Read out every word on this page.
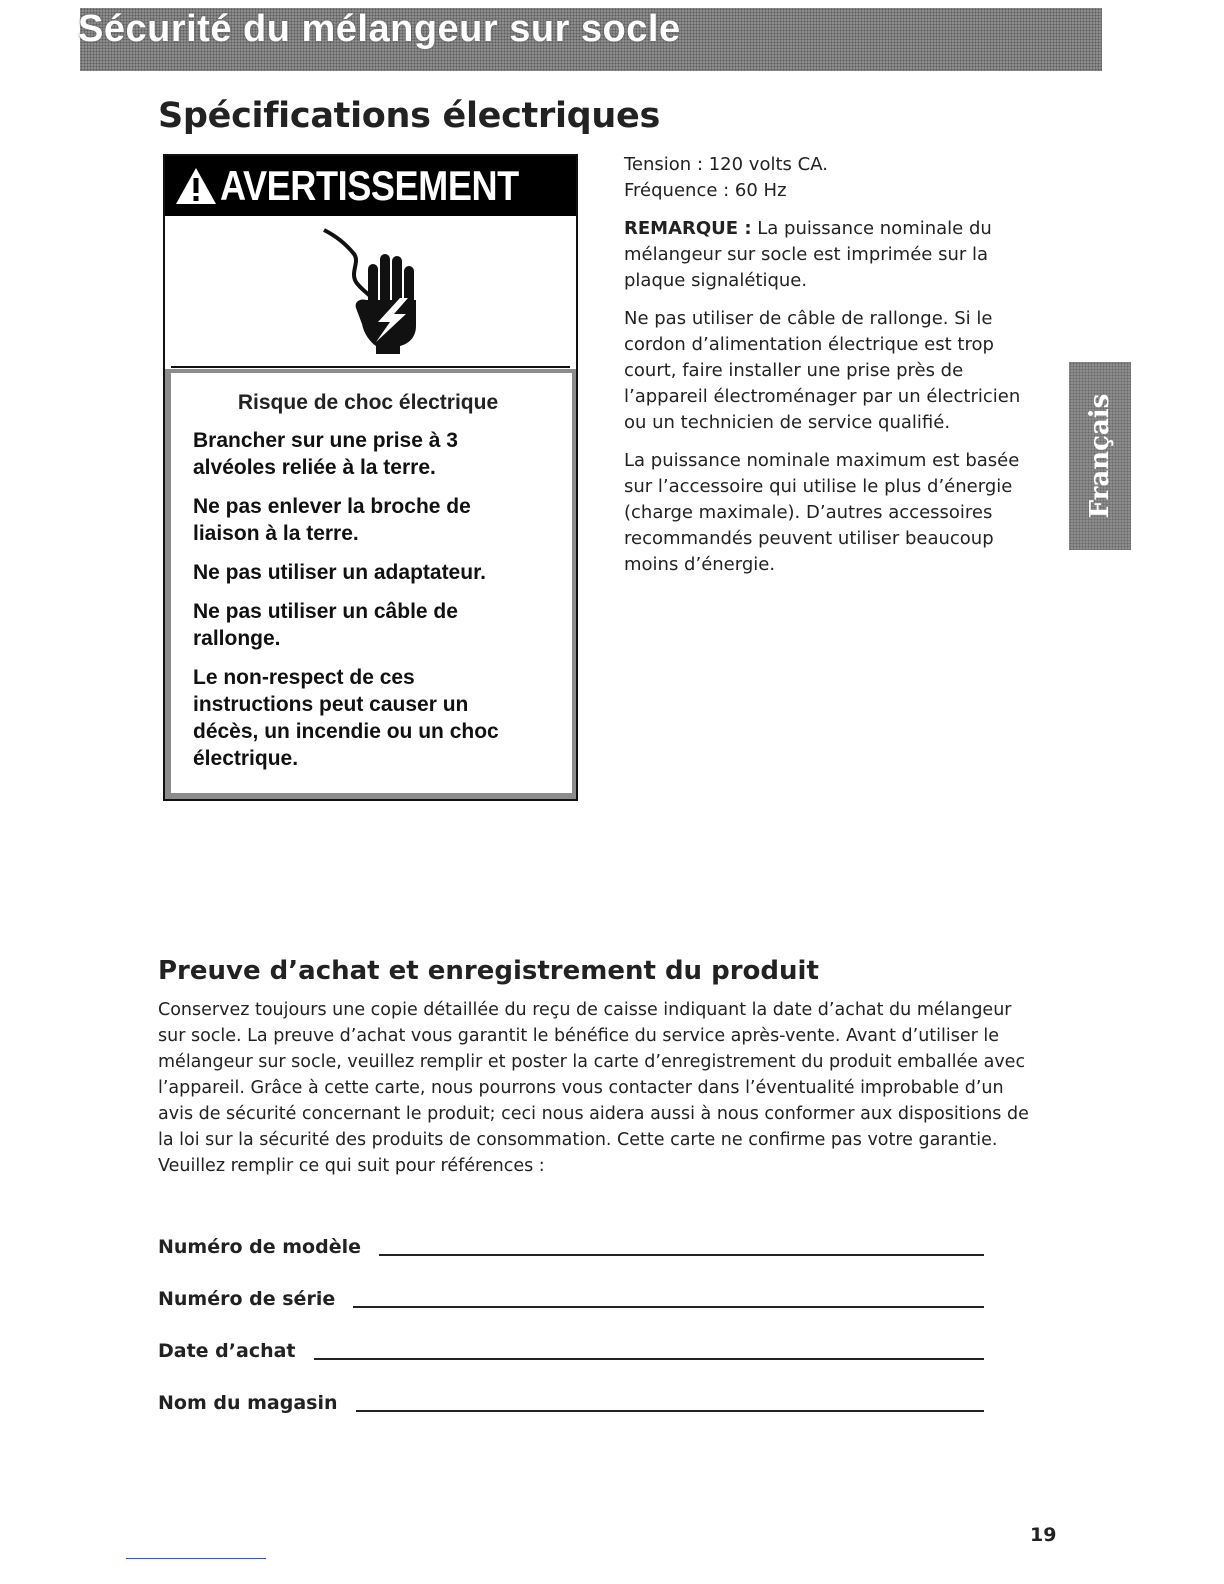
Sécurité du mélangeur sur socle
Spécifications électriques
AVERTISSEMENT

Risque de choc électrique

Brancher sur une prise à 3 alvéoles reliée à la terre.

Ne pas enlever la broche de liaison à la terre.

Ne pas utiliser un adaptateur.

Ne pas utiliser un câble de rallonge.

Le non-respect de ces instructions peut causer un décès, un incendie ou un choc électrique.

Tension : 120 volts CA.
Fréquence : 60 Hz

REMARQUE : La puissance nominale du mélangeur sur socle est imprimée sur la plaque signalétique.

Ne pas utiliser de câble de rallonge. Si le cordon d’alimentation électrique est trop court, faire installer une prise près de l’appareil électroménager par un électricien ou un technicien de service qualifié.

La puissance nominale maximum est basée sur l’accessoire qui utilise le plus d’énergie (charge maximale). D’autres accessoires recommandés peuvent utiliser beaucoup moins d’énergie.

Français
Preuve d’achat et enregistrement du produit

Conservez toujours une copie détaillée du reçu de caisse indiquant la date d’achat du mélangeur sur socle. La preuve d’achat vous garantit le bénéfice du service après-vente. Avant d’utiliser le mélangeur sur socle, veuillez remplir et poster la carte d’enregistrement du produit emballée avec l’appareil. Grâce à cette carte, nous pourrons vous contacter dans l’éventualité improbable d’un avis de sécurité concernant le produit; ceci nous aidera aussi à nous conformer aux dispositions de la loi sur la sécurité des produits de consommation. Cette carte ne confirme pas votre garantie. Veuillez remplir ce qui suit pour références :

Numéro de modèle
Numéro de série
Date d’achat
Nom du magasin
19
